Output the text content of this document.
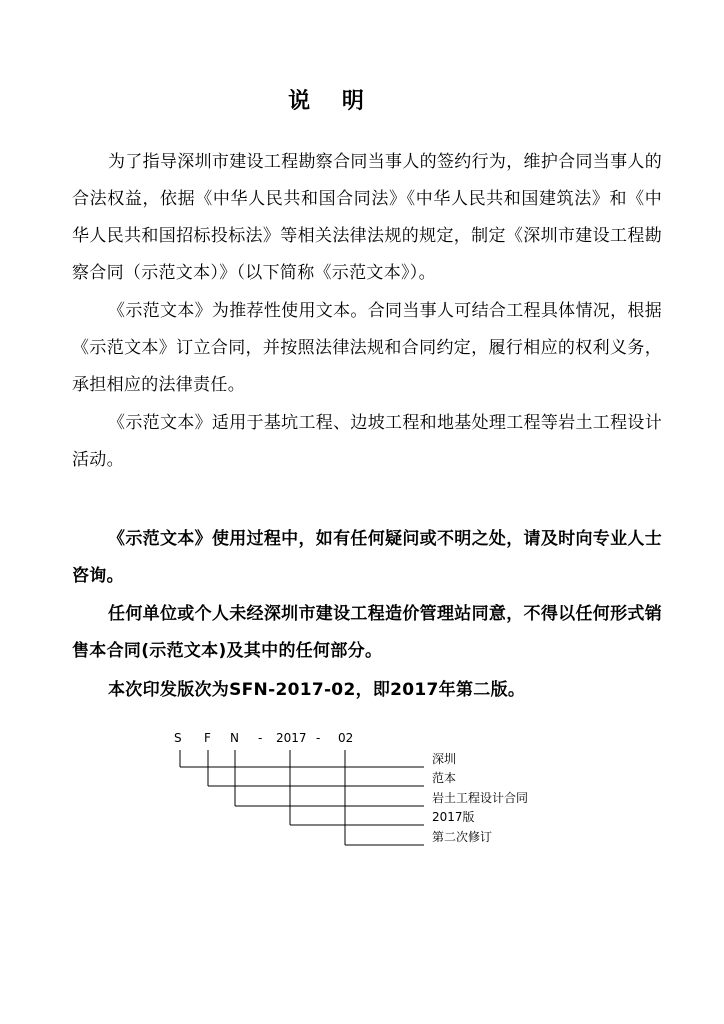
说 明

为了指导深圳市建设工程勘察合同当事人的签约行为，维护合同当事人的合法权益，依据《中华人民共和国合同法》《中华人民共和国建筑法》和《中华人民共和国招标投标法》等相关法律法规的规定，制定《深圳市建设工程勘察合同（示范文本）》（以下简称《示范文本》）。

《示范文本》为推荐性使用文本。合同当事人可结合工程具体情况，根据《示范文本》订立合同，并按照法律法规和合同约定，履行相应的权利义务，承担相应的法律责任。

《示范文本》适用于基坑工程、边坡工程和地基处理工程等岩土工程设计活动。

《示范文本》使用过程中，如有任何疑问或不明之处，请及时向专业人士咨询。

任何单位或个人未经深圳市建设工程造价管理站同意，不得以任何形式销售本合同(示范文本)及其中的任何部分。

本次印发版次为SFN-2017-02，即2017年第二版。

S F N - 2017 - 02
深圳
范本
岩土工程设计合同
2017版
第二次修订
